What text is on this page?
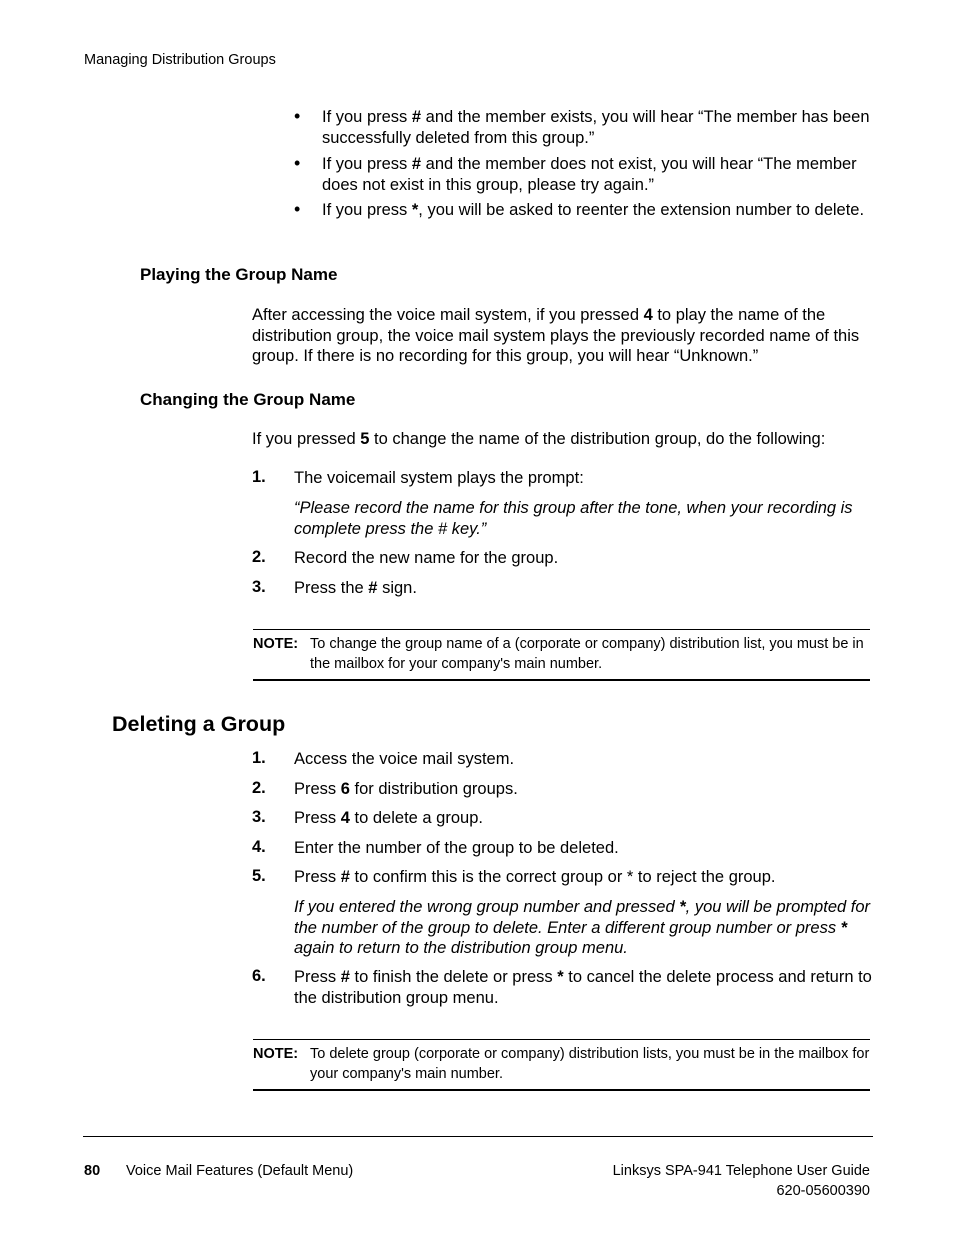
Managing Distribution Groups
• If you press # and the member exists, you will hear “The member has been successfully deleted from this group.”
• If you press # and the member does not exist, you will hear “The member does not exist in this group, please try again.”
• If you press *, you will be asked to reenter the extension number to delete.
Playing the Group Name
After accessing the voice mail system, if you pressed 4 to play the name of the distribution group, the voice mail system plays the previously recorded name of this group. If there is no recording for this group, you will hear “Unknown.”
Changing the Group Name
If you pressed 5 to change the name of the distribution group, do the following:
1. The voicemail system plays the prompt:
“Please record the name for this group after the tone, when your recording is complete press the # key.”
2. Record the new name for the group.
3. Press the # sign.
NOTE: To change the group name of a (corporate or company) distribution list, you must be in the mailbox for your company's main number.
Deleting a Group
1. Access the voice mail system.
2. Press 6 for distribution groups.
3. Press 4 to delete a group.
4. Enter the number of the group to be deleted.
5. Press # to confirm this is the correct group or * to reject the group.
If you entered the wrong group number and pressed *, you will be prompted for the number of the group to delete. Enter a different group number or press * again to return to the distribution group menu.
6. Press # to finish the delete or press * to cancel the delete process and return to the distribution group menu.
NOTE: To delete group (corporate or company) distribution lists, you must be in the mailbox for your company's main number.
80 Voice Mail Features (Default Menu)	Linksys SPA-941 Telephone User Guide
620-05600390
